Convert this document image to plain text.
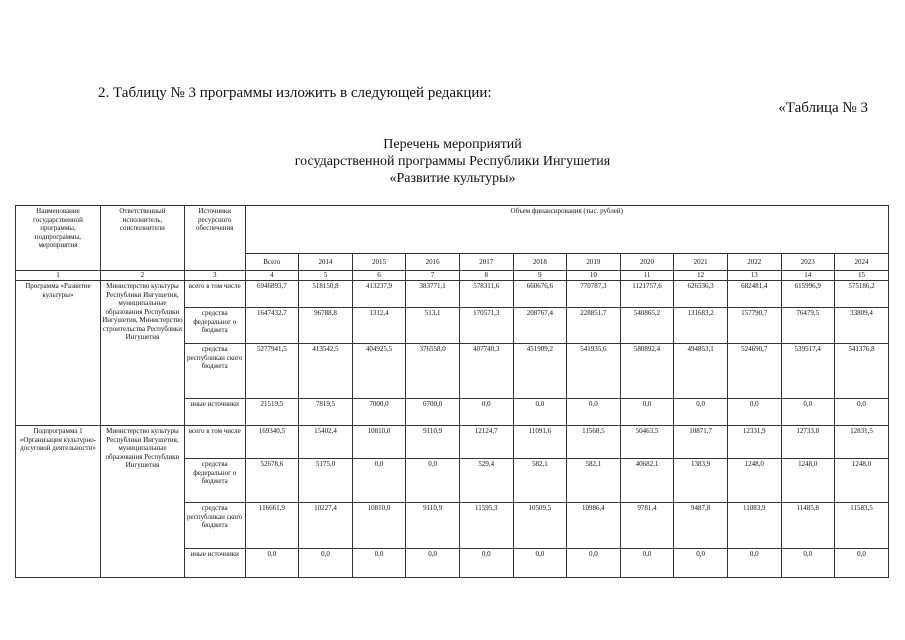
2. Таблицу № 3 программы изложить в следующей редакции:
«Таблица № 3
Перечень мероприятий
государственной программы Республики Ингушетия
«Развитие культуры»
Наименование государственной программы, подпрограммы, мероприятия	Ответственный исполнитель, соисполнители	Источники ресурсного обеспечения	Объем финансирования (тыс. рублей)											
			Всего	2014	2015	2016	2017	2018	2019	2020	2021	2022	2023	2024
1	2	3	4	5	6	7	8	9	10	11	12	13	14	15
Программа «Развитие культуры»	Министерство культуры Республики Ингушетия, муниципальные образования Республики Ингушетия, Министерство строительства Республики Ингушетия	всего в том числе	6946893,7	518150,8	413237,9	383771,1	578311,6	660676,6	770787,3	1121757,6	626536,3	682481,4	615996,9	575186,2
		средства федеральног о бюджета	1647432,7	96788,8	1312,4	513,1	170571,3	208767,4	228851,7	540865,2	131683,2	157790,7	76479,5	33809,4
		средства республикан ского бюджета	5277941,5	413542,5	404925,5	376558,0	407740,3	451909,2	541935,6	580892,4	494853,1	524690,7	539517,4	541376,8
		иные источники	21519,5	7819,5	7000,0	6700,0	0,0	0,0	0,0	0,0	0,0	0,0	0,0	0,0
Подпрограмма 1 «Организация культурно-досуговой деятельности»	Министерство культуры Республики Ингушетия, муниципальные образования Республики Ингушетия	всего в том числе	169340,5	15402,4	10810,0	9110,9	12124,7	11091,6	11568,5	50463,5	10871,7	12331,9	12733,8	12831,5
		средства федеральног о бюджета	52678,6	5175,0	0,0	0,0	529,4	582,1	582,1	40682,1	1383,9	1248,0	1248,0	1248,0
		средства республикан ского бюджета	116661,9	10227,4	10810,0	9110,9	11595,3	10509,5	10986,4	9781,4	9487,8	11083,9	11485,8	11583,5
		иные источники	0,0	0,0	0,0	0,0	0,0	0,0	0,0	0,0	0,0	0,0	0,0	0,0
